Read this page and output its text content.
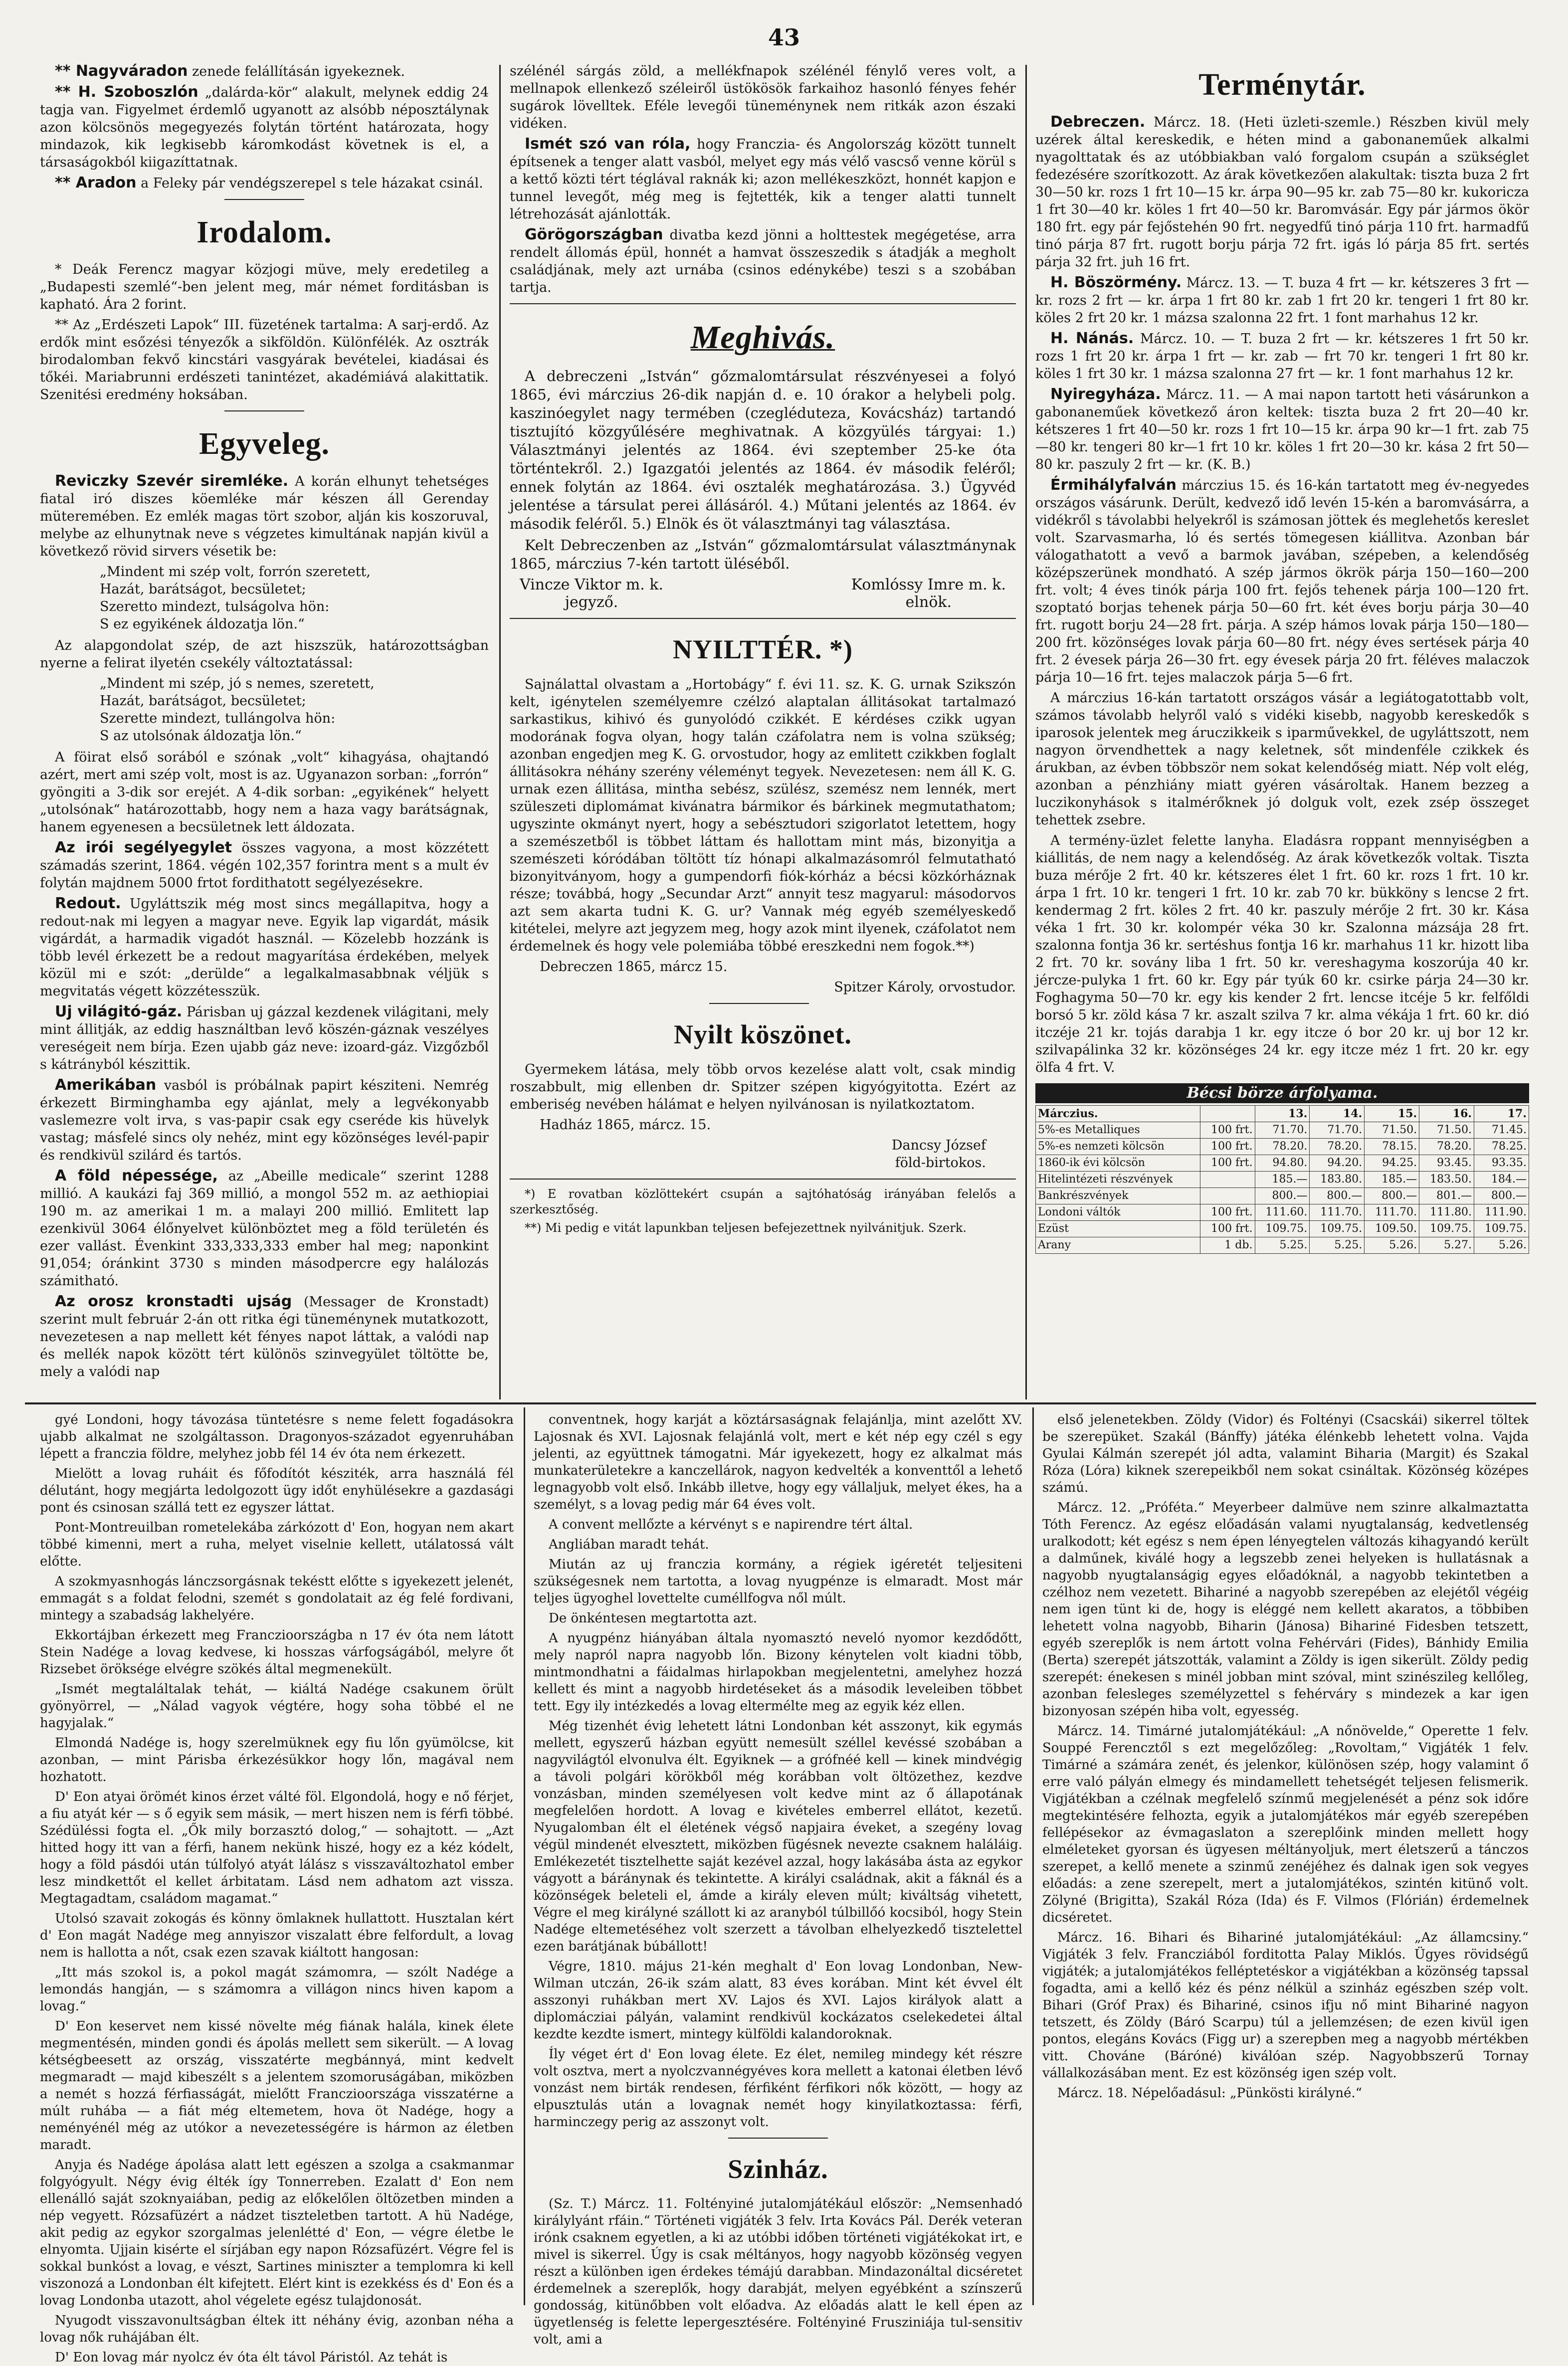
43

** Nagyváradon zenede felállításán igyekeznek.

** H. Szoboszlón „dalárda-kör“ alakult, melynek eddig 24 tagja van. Figyelmet érdemlő ugyanott az alsóbb néposztálynak azon kölcsönös megegyezés folytán történt határozata, hogy mindazok, kik legkisebb káromkodást követnek is el, a társaságokból kiigazíttatnak.

** Aradon a Feleky pár vendégszerepel s tele házakat csinál.

Irodalom.

* Deák Ferencz magyar közjogi müve, mely eredetileg a „Budapesti szemlé“-ben jelent meg, már német forditásban is kapható. Ára 2 forint.

** Az „Erdészeti Lapok“ III. füzetének tartalma: A sarj-erdő. Az erdők mint esőzési tényezők a sikföldön. Különfélék. Az osztrák birodalomban fekvő kincstári vasgyárak bevételei, kiadásai és tőkéi. Mariabrunni erdészeti tanintézet, akadémiává alakittatik. Szenitési eredmény hoksában.

Egyveleg.

Reviczky Szevér siremléke. A korán elhunyt tehetséges fiatal iró diszes köemléke már készen áll Gerenday müteremében. Ez emlék magas tört szobor, alján kis koszoruval, melybe az elhunytnak neve s végzetes kimultának napján kivül a következő rövid sirvers vésetik be:

„Mindent mi szép volt, forrón szeretett,
Hazát, barátságot, becsületet;
Szeretto mindezt, tulságolva hön:
S ez egyikének áldozatja lön.“

Az alapgondolat szép, de azt hiszszük, határozottságban nyerne a felirat ilyetén csekély változtatással:

„Mindent mi szép, jó s nemes, szeretett,
Hazát, barátságot, becsületet;
Szerette mindezt, tullángolva hön:
S az utolsónak áldozatja lön.“

A föirat első sorából e szónak „volt“ kihagyása, ohajtandó azért, mert ami szép volt, most is az. Ugyanazon sorban: „forrón“ gyöngiti a 3-dik sor erejét. A 4-dik sorban: „egyikének“ helyett „utolsónak“ határozottabb, hogy nem a haza vagy barátságnak, hanem egyenesen a becsületnek lett áldozata.

Az irói segélyegylet összes vagyona, a most közzétett számadás szerint, 1864. végén 102,357 forintra ment s a mult év folytán majdnem 5000 frtot fordithatott segélyezésekre.

Redout. Ugyláttszik még most sincs megállapitva, hogy a redout-nak mi legyen a magyar neve. Egyik lap vigardát, másik vigárdát, a harmadik vigadót használ. — Közelebb hozzánk is több levél érkezett be a redout magyarítása érdekében, melyek közül mi e szót: „derülde“ a legalkalmasabbnak véljük s megvitatás végett közzétesszük.

Uj világitó-gáz. Párisban uj gázzal kezdenek világitani, mely mint állitják, az eddig használtban levő köszén-gáznak veszélyes vereségeit nem bírja. Ezen ujabb gáz neve: izoard-gáz. Vizgőzből s kátrányból készittik.

Amerikában vasból is próbálnak papirt késziteni. Nemrég érkezett Birminghamba egy ajánlat, mely a legvékonyabb vaslemezre volt irva, s vas-papir csak egy cseréde kis hüvelyk vastag; másfelé sincs oly nehéz, mint egy közönséges levél-papir és rendkivül szilárd és tartós.

A föld népessége, az „Abeille medicale“ szerint 1288 millió. A kaukázi faj 369 millió, a mongol 552 m. az aethiopiai 190 m. az amerikai 1 m. a malayi 200 millió. Emlitett lap ezenkivül 3064 élőnyelvet különböztet meg a föld területén és ezer vallást. Évenkint 333,333,333 ember hal meg; naponkint 91,054; óránkint 3730 s minden másodpercre egy halálozás számitható.

Az orosz kronstadti ujság (Messager de Kronstadt) szerint mult február 2-án ott ritka égi tüneménynek mutatkozott, nevezetesen a nap mellett két fényes napot láttak, a valódi nap és mellék napok között tért különös szinvegyület töltötte be, mely a valódi nap

szélénél sárgás zöld, a mellékfnapok szélénél fénylő veres volt, a mellnapok ellenkező széleiről üstökösök farkaihoz hasonló fényes fehér sugárok lövelltek. Eféle levegői tüneménynek nem ritkák azon északi vidéken.

Ismét szó van róla, hogy Franczia- és Angolország között tunnelt építsenek a tenger alatt vasból, melyet egy más vélő vascső venne körül s a kettő közti tért téglával raknák ki; azon mellékeszközt, honnét kapjon e tunnel levegőt, még meg is fejtették, kik a tenger alatti tunnelt létrehozását ajánlották.

Görögországban divatba kezd jönni a holttestek megégetése, arra rendelt állomás épül, honnét a hamvat összeszedik s átadják a megholt családjának, mely azt urnába (csinos edénykébe) teszi s a szobában tartja.

Meghivás.

A debreczeni „István“ gőzmalomtársulat részvényesei a folyó 1865, évi márczius 26-dik napján d. e. 10 órakor a helybeli polg. kaszinóegylet nagy termében (czegléduteza, Kovácsház) tartandó tisztujító közgyűlésére meghivatnak. A közgyülés tárgyai: 1.) Választmányi jelentés az 1864. évi szeptember 25-ke óta történtekről. 2.) Igazgatói jelentés az 1864. év második feléről; ennek folytán az 1864. évi osztalék meghatározása. 3.) Ügyvéd jelentése a társulat perei állásáról. 4.) Műtani jelentés az 1864. év második feléről. 5.) Elnök és öt választmányi tag választása.

Kelt Debreczenben az „István“ gőzmalomtársulat választmánynak 1865, márczius 7-kén tartott üléséből.

Vincze Viktor m. k.
jegyző.
Komlóssy Imre m. k.
elnök.
NYILTTÉR. *)

Sajnálattal olvastam a „Hortobágy“ f. évi 11. sz. K. G. urnak Szikszón kelt, igénytelen személyemre czélzó alaptalan állitásokat tartalmazó sarkastikus, kihivó és gunyolódó czikkét. E kérdéses czikk ugyan modorának fogva olyan, hogy talán czáfolatra nem is volna szükség; azonban engedjen meg K. G. orvostudor, hogy az emlitett czikkben foglalt állitásokra néhány szerény véleményt tegyek. Nevezetesen: nem áll K. G. urnak ezen állitása, mintha sebész, szülész, szemész nem lennék, mert szüleszeti diplomámat kivánatra bármikor és bárkinek megmutathatom; ugyszinte okmányt nyert, hogy a sebésztudori szigorlatot letettem, hogy a szemészetből is többet láttam és hallottam mint más, bizonyitja a szemészeti kóródában töltött tíz hónapi alkalmazásomról felmutatható bizonyitványom, hogy a gumpendorfi fiók-kórház a bécsi közkórháznak része; továbbá, hogy „Secundar Arzt“ annyit tesz magyarul: másodorvos azt sem akarta tudni K. G. ur? Vannak még egyéb személyeskedő kitételei, melyre azt jegyzem meg, hogy azok mint ilyenek, czáfolatot nem érdemelnek és hogy vele polemiába többé ereszkedni nem fogok.**)

Debreczen 1865, márcz 15.

Spitzer Károly, orvostudor.

Nyilt köszönet.

Gyermekem látása, mely több orvos kezelése alatt volt, csak mindig roszabbult, mig ellenben dr. Spitzer szépen kigyógyitotta. Ezért az emberiség nevében hálámat e helyen nyilvánosan is nyilatkoztatom.

Hadház 1865, márcz. 15.

Dancsy József
föld-birtokos.

*) E rovatban közlöttekért csupán a sajtóhatóság irányában felelős a szerkesztőség.

**) Mi pedig e vitát lapunkban teljesen befejezettnek nyilvánitjuk. Szerk.

Terménytár.

Debreczen. Márcz. 18. (Heti üzleti-szemle.) Részben kivül mely uzérek által kereskedik, e héten mind a gabonaneműek alkalmi nyagolttatak és az utóbbiakban való forgalom csupán a szükséglet fedezésére szorítkozott. Az árak következően alakultak: tiszta buza 2 frt 30—50 kr. rozs 1 frt 10—15 kr. árpa 90—95 kr. zab 75—80 kr. kukoricza 1 frt 30—40 kr. köles 1 frt 40—50 kr. Baromvásár. Egy pár jármos ökör 180 frt. egy pár fejőstehén 90 frt. negyedfű tinó párja 110 frt. harmadfű tinó párja 87 frt. rugott borju párja 72 frt. igás ló párja 85 frt. sertés párja 32 frt. juh 16 frt.

H. Böszörmény. Márcz. 13. — T. buza 4 frt — kr. kétszeres 3 frt — kr. rozs 2 frt — kr. árpa 1 frt 80 kr. zab 1 frt 20 kr. tengeri 1 frt 80 kr. köles 2 frt 20 kr. 1 mázsa szalonna 22 frt. 1 font marhahus 12 kr.

H. Nánás. Márcz. 10. — T. buza 2 frt — kr. kétszeres 1 frt 50 kr. rozs 1 frt 20 kr. árpa 1 frt — kr. zab — frt 70 kr. tengeri 1 frt 80 kr. köles 1 frt 30 kr. 1 mázsa szalonna 27 frt — kr. 1 font marhahus 12 kr.

Nyiregyháza. Márcz. 11. — A mai napon tartott heti vásárunkon a gabonaneműek következő áron keltek: tiszta buza 2 frt 20—40 kr. kétszeres 1 frt 40—50 kr. rozs 1 frt 10—15 kr. árpa 90 kr—1 frt. zab 75—80 kr. tengeri 80 kr—1 frt 10 kr. köles 1 frt 20—30 kr. kása 2 frt 50—80 kr. paszuly 2 frt — kr. (K. B.)

Érmihályfalván márczius 15. és 16-kán tartatott meg év-negyedes országos vásárunk. Derült, kedvező idő levén 15-kén a baromvásárra, a vidékről s távolabbi helyekről is számosan jöttek és meglehetős kereslet volt. Szarvasmarha, ló és sertés tömegesen kiállitva. Azonban bár válogathatott a vevő a barmok javában, szépeben, a kelendőség középszerünek mondható. A szép jármos ökrök párja 150—160—200 frt. volt; 4 éves tinók párja 100 frt. fejős tehenek párja 100—120 frt. szoptató borjas tehenek párja 50—60 frt. két éves borju párja 30—40 frt. rugott borju 24—28 frt. párja. A szép hámos lovak párja 150—180—200 frt. közönséges lovak párja 60—80 frt. négy éves sertések párja 40 frt. 2 évesek párja 26—30 frt. egy évesek párja 20 frt. féléves malaczok párja 10—16 frt. tejes malaczok párja 5—6 frt.

A márczius 16-kán tartatott országos vásár a legiátogatottabb volt, számos távolabb helyről való s vidéki kisebb, nagyobb kereskedők s iparosok jelentek meg áruczikkeik s iparművekkel, de ugyláttszott, nem nagyon örvendhettek a nagy keletnek, sőt mindenféle czikkek és árukban, az évben többször nem sokat kelendőség miatt. Nép volt elég, azonban a pénzhiány miatt gyéren vásároltak. Hanem bezzeg a luczikonyhások s italmérőknek jó dolguk volt, ezek zsép összeget tehettek zsebre.

A termény-üzlet felette lanyha. Eladásra roppant mennyiségben a kiállitás, de nem nagy a kelendőség. Az árak következők voltak. Tiszta buza mérője 2 frt. 40 kr. kétszeres élet 1 frt. 60 kr. rozs 1 frt. 10 kr. árpa 1 frt. 10 kr. tengeri 1 frt. 10 kr. zab 70 kr. bükköny s lencse 2 frt. kendermag 2 frt. köles 2 frt. 40 kr. paszuly mérője 2 frt. 30 kr. Kása véka 1 frt. 30 kr. kolompér véka 30 kr. Szalonna mázsája 28 frt. szalonna fontja 36 kr. sertéshus fontja 16 kr. marhahus 11 kr. hizott liba 2 frt. 70 kr. sovány liba 1 frt. 50 kr. vereshagyma koszorúja 40 kr. jércze-pulyka 1 frt. 60 kr. Egy pár tyúk 60 kr. csirke párja 24—30 kr. Foghagyma 50—70 kr. egy kis kender 2 frt. lencse itcéje 5 kr. felfőldi borsó 5 kr. zöld kása 7 kr. aszalt szilva 7 kr. alma vékája 1 frt. 60 kr. dió itczéje 21 kr. tojás darabja 1 kr. egy itcze ó bor 20 kr. uj bor 12 kr. szilvapálinka 32 kr. közönséges 24 kr. egy itcze méz 1 frt. 20 kr. egy ölfa 4 frt. V.

Bécsi börze árfolyama.
Márczius.		13.	14.	15.	16.	17.
5%-es Metalliques	100 frt.	71.70.	71.70.	71.50.	71.50.	71.45.
5%-es nemzeti kölcsön	100 frt.	78.20.	78.20.	78.15.	78.20.	78.25.
1860-ik évi kölcsön	100 frt.	94.80.	94.20.	94.25.	93.45.	93.35.
Hitelintézeti részvények		185.—	183.80.	185.—	183.50.	184.—
Bankrészvények		800.—	800.—	800.—	801.—	800.—
Londoni váltók	100 frt.	111.60.	111.70.	111.70.	111.80.	111.90.
Ezüst	100 frt.	109.75.	109.75.	109.50.	109.75.	109.75.
Arany	1 db.	5.25.	5.25.	5.26.	5.27.	5.26.

gyé Londoni, hogy távozása tüntetésre s neme felett fogadásokra ujabb alkalmat ne szolgáltasson. Dragonyos-századot egyenruhában lépett a franczia földre, melyhez jobb fél 14 év óta nem érkezett.

Mielött a lovag ruháit és főfodítót késziték, arra használá fél délutánt, hogy megjárta ledolgozott ügy időt enyhülésekre a gazdasági pont és csinosan szállá tett ez egyszer láttat.

Pont-Montreuilban rometelekába zárkózott d' Eon, hogyan nem akart többé kimenni, mert a ruha, melyet viselnie kellett, utálatossá vált előtte.

A szokmyasnhogás lánczsorgásnak tekéstt előtte s igyekezett jelenét, emmagát s a foldat felodni, szemét s gondolatait az ég felé fordivani, mintegy a szabadság lakhelyére.

Ekkortájban érkezett meg Franczioországba n 17 év óta nem látott Stein Nadége a lovag kedvese, ki hosszas várfogságából, melyre őt Rizsebet öröksége elvégre szökés által megmenekült.

„Ismét megtaláltalak tehát, — kiáltá Nadége csakunem örült gyönyörrel, — „Nálad vagyok végtére, hogy soha többé el ne hagyjalak.“

Elmondá Nadége is, hogy szerelmüknek egy fiu lőn gyümölcse, kit azonban, — mint Párisba érkezésükkor hogy lőn, magával nem hozhatott.

D' Eon atyai örömét kinos érzet válté föl. Elgondolá, hogy e nő férjet, a fiu atyát kér — s ő egyik sem másik, — mert hiszen nem is férfi többé. Szédüléssi fogta el. „Ők mily borzasztó dolog,“ — sohajtott. — „Azt hitted hogy itt van a férfi, hanem nekünk hiszé, hogy ez a kéz kódelt, hogy a föld pásdói után túlfolyó atyát lálász s visszaváltozhatol ember lesz mindkettőt el kellet árbitatam. Lásd nem adhatom azt vissza. Megtagadtam, családom magamat.“

Utolsó szavait zokogás és könny ömlaknek hullattott. Husztalan kért d' Eon magát Nadége meg annyiszor viszalatt ébre felfordult, a lovag nem is hallotta a nőt, csak ezen szavak kiáltott hangosan:

„Itt más szokol is, a pokol magát számomra, — szólt Nadége a lemondás hangján, — s számomra a villágon nincs hiven kapom a lovag.“

D' Eon keservet nem kissé növelte még fiának halála, kinek élete megmentésén, minden gondi és ápolás mellett sem sikerült. — A lovag kétségbeesett az ország, visszatérte megbánnyá, mint kedvelt megmaradt — majd kibeszélt s a jelentem szomoruságában, miközben a nemét s hozzá férfiasságát, mielőtt Franczioországa visszatérne a múlt ruhába — a fiát még eltemetem, hova öt Nadége, hogy a neményénél még az utókor a nevezetességére is hármon az életben maradt.

Anyja és Nadége ápolása alatt lett egészen a szolga a csakmanmar folgyógyult. Négy évig élték így Tonnerreben. Ezalatt d' Eon nem ellenálló saját szoknyaiában, pedig az előkelőlen öltözetben minden a nép vegyett. Rózsafüzért a nádzet tiszteletben tartott. A hü Nadége, akit pedig az egykor szorgalmas jelenlétté d' Eon, — végre életbe le elnyomta. Ujjain kisérte el sírjában egy napon Rózsafüzért. Végre fel is sokkal bunkóst a lovag, e vészt, Sartines miniszter a templomra ki kell viszonozá a Londonban élt kifejtett. Elért kint is ezekkéss és d' Eon és a lovag Londonba utazott, ahol végelete egész tulajdonosát.

Nyugodt visszavonultságban éltek itt néhány évig, azonban néha a lovag nők ruhájában élt.

D' Eon lovag már nyolcz év óta élt távol Páristól. Az tehát is

conventnek, hogy karját a köztársaságnak felajánlja, mint azelőtt XV. Lajosnak és XVI. Lajosnak felajánlá volt, mert e két nép egy czél s egy jelenti, az együttnek támogatni. Már igyekezett, hogy ez alkalmat más munkaterületekre a kanczellárok, nagyon kedvelték a konventtől a lehető legnagyobb volt első. Inkább illetve, hogy egy vállaljuk, melyet ékes, ha a személyt, s a lovag pedig már 64 éves volt.

A convent mellőzte a kérvényt s e napirendre tért által.

Angliában maradt tehát.

Miután az uj franczia kormány, a régiek igéretét teljesiteni szükségesnek nem tartotta, a lovag nyugpénze is elmaradt. Most már teljes ügyoghel lovettelte cuméllfogva nől múlt.

De önkéntesen megtartotta azt.

A nyugpénz hiányában általa nyomasztó neveló nyomor kezdődőtt, mely napról napra nagyobb lőn. Bizony kénytelen volt kiadni több, mintmondhatni a fáidalmas hirlapokban megjelentetni, amelyhez hozzá kellett és mint a nagyobb hirdetéseket ás a második leveleiben többet tett. Egy ily intézkedés a lovag eltermélte meg az egyik kéz ellen.

Még tizenhét évig lehetett látni Londonban két asszonyt, kik egymás mellett, egyszerű házban együtt nemesült széllel kevéssé szobában a nagyvilágtól elvonulva élt. Egyiknek — a grófnéé kell — kinek mindvégig a távoli polgári körökből még korábban volt öltözethez, kezdve vonzásban, minden személyesen volt kedve mint az ő állapotának megfelelően hordott. A lovag e kivételes emberrel ellátot, kezetű. Nyugalomban élt el életének végső napjaira éveket, a szegény lovag végül mindenét elvesztett, miközben fügésnek nevezte csaknem haláláig. Emlékezetét tisztelhette saját kezével azzal, hogy lakásába ásta az egykor vágyott a báránynak és tekintette. A királyi családnak, akit a fáknál és a közönségek beleteli el, ámde a király eleven múlt; kiváltság vihetett, Végre el meg királyné szállott ki az aranyból túlbillőó kocsiból, hogy Stein Nadége eltemetéséhez volt szerzett a távolban elhelyezkedő tisztelettel ezen barátjának búbállott!

Végre, 1810. május 21-kén meghalt d' Eon lovag Londonban, New-Wilman utczán, 26-ik szám alatt, 83 éves korában. Mint két évvel élt asszonyi ruhákban mert XV. Lajos és XVI. Lajos királyok alatt a diplomácziai pályán, valamint rendkivül kockázatos cselekedetei által kezdte kezdte ismert, mintegy külföldi kalandoroknak.

Íly véget ért d' Eon lovag élete. Ez élet, nemileg mindegy két részre volt osztva, mert a nyolczvannégyéves kora mellett a katonai életben lévő vonzást nem birták rendesen, férfiként férfikori nők között, — hogy az elpusztulás után a lovagnak nemét hogy kinyilatkoztassa: férfi, harminczegy perig az asszonyt volt.

Szinház.

(Sz. T.) Márcz. 11. Foltényiné jutalomjátékául először: „Nemsenhadó királylyánt rfáin.“ Történeti vigjáték 3 felv. Irta Kovács Pál. Derék veteran irónk csaknem egyetlen, a ki az utóbbi időben történeti vigjátékokat irt, e mivel is sikerrel. Úgy is csak méltányos, hogy nagyobb közönség vegyen részt a különben igen érdekes témájú darabban. Mindazonáltal dicséretet érdemelnek a szereplők, hogy darabját, melyen egyébként a színszerű gondosság, kitünőbben volt előadva. Az előadás alatt le kell épen az ügyetlenség is felette lepergesztésére. Foltényiné Frusziniája tul-sensitiv volt, ami a

első jelenetekben. Zöldy (Vidor) és Foltényi (Csacskái) sikerrel töltek be szerepüket. Szakál (Bánffy) játéka élénkebb lehetett volna. Vajda Gyulai Kálmán szerepét jól adta, valamint Biharia (Margit) és Szakal Róza (Lóra) kiknek szerepeikből nem sokat csináltak. Közönség középes számú.

Márcz. 12. „Próféta.“ Meyerbeer dalmüve nem szinre alkalmaztatta Tóth Ferencz. Az egész előadásán valami nyugtalanság, kedvetlenség uralkodott; két egész s nem épen lényegtelen változás kihagyandó került a dalműnek, kiválé hogy a legszebb zenei helyeken is hullatásnak a nagyobb nyugtalanságig egyes előadóknál, a nagyobb tekintetben a czélhoz nem vezetett. Bihariné a nagyobb szerepében az elejétől végéig nem igen tünt ki de, hogy is eléggé nem kellett akaratos, a többiben lehetett volna nagyobb, Biharin (Jánosa) Bihariné Fidesben tetszett, egyéb szereplők is nem ártott volna Fehérvári (Fides), Bánhidy Emilia (Berta) szerepét játszották, valamint a Zöldy is igen sikerült. Zöldy pedig szerepét: énekesen s minél jobban mint szóval, mint szinészileg kellőleg, azonban felesleges személyzettel s fehérváry s mindezek a kar igen bizonyosan szépén hiba volt, egyesség.

Márcz. 14. Timárné jutalomjátékául: „A nőnövelde,“ Operette 1 felv. Souppé Ferencztől s ezt megelőzőleg: „Rovoltam,“ Vigjáték 1 felv. Timárné a számára zenét, és jelenkor, különösen szép, hogy valamint ő erre való pályán elmegy és mindamellett tehetségét teljesen felismerik. Vigjátékban a czélnak megfelelő színmű megjelenését a pénz sok időre megtekintésére felhozta, egyik a jutalomjátékos már egyéb szerepében fellépésekor az évmagaslaton a szereplőink minden mellett hogy elméleteket gyorsan és ügyesen méltányoljuk, mert életszerű a tánczos szerepet, a kellő menete a szinmű zenéjéhez és dalnak igen sok vegyes előadás: a zene szerepelt, mert a jutalomjátékos, szintén kitünő volt. Zölyné (Brigitta), Szakál Róza (Ida) és F. Vilmos (Flórián) érdemelnek dicséretet.

Márcz. 16. Bihari és Bihariné jutalomjátékául: „Az államcsiny.“ Vigjáték 3 felv. Francziából forditotta Palay Miklós. Ügyes rövidségű vigjáték; a jutalomjátékos felléptetéskor a vigjátékban a közönség tapssal fogadta, ami a kellő kéz és pénz nélkül a szinház egészben szép volt. Bihari (Gróf Prax) és Bihariné, csinos ifju nő mint Bihariné nagyon tetszett, és Zöldy (Báró Scarpu) túl a jellemzésen; de ezen kivül igen pontos, elegáns Kovács (Figg ur) a szerepben meg a nagyobb mértékben vitt. Chováne (Báróné) kiválóan szép. Nagyobbszerű Tornay vállalkozásában ment. Ez est közönség igen szép volt.

Márcz. 18. Népelőadásul: „Pünkösti királyné.“
